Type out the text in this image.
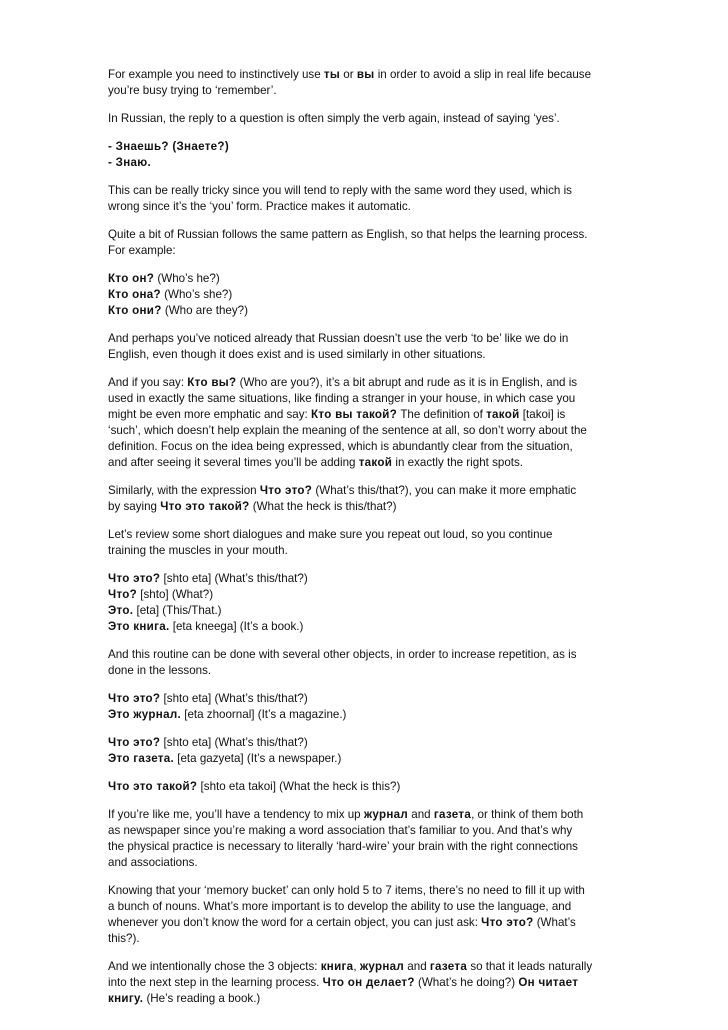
For example you need to instinctively use ты or вы in order to avoid a slip in real life because
you’re busy trying to ‘remember’.

In Russian, the reply to a question is often simply the verb again, instead of saying ‘yes’.

- Знаешь? (Знаете?)
- Знаю.

This can be really tricky since you will tend to reply with the same word they used, which is
wrong since it’s the ‘you’ form. Practice makes it automatic.

Quite a bit of Russian follows the same pattern as English, so that helps the learning process.
For example:

Кто он? (Who’s he?)
Кто она? (Who’s she?)
Кто они? (Who are they?)

And perhaps you’ve noticed already that Russian doesn’t use the verb ‘to be’ like we do in
English, even though it does exist and is used similarly in other situations.

And if you say: Кто вы? (Who are you?), it’s a bit abrupt and rude as it is in English, and is
used in exactly the same situations, like finding a stranger in your house, in which case you
might be even more emphatic and say: Кто вы такой? The definition of такой [takoi] is
‘such’, which doesn’t help explain the meaning of the sentence at all, so don’t worry about the
definition. Focus on the idea being expressed, which is abundantly clear from the situation,
and after seeing it several times you’ll be adding такой in exactly the right spots.

Similarly, with the expression Что это? (What’s this/that?), you can make it more emphatic
by saying Что это такой? (What the heck is this/that?)

Let’s review some short dialogues and make sure you repeat out loud, so you continue
training the muscles in your mouth.

Что это? [shto eta] (What’s this/that?)
Что? [shto] (What?)
Это. [eta] (This/That.)
Это книга. [eta kneega] (It’s a book.)

And this routine can be done with several other objects, in order to increase repetition, as is
done in the lessons.

Что это? [shto eta] (What’s this/that?)
Это журнал. [eta zhoornal] (It’s a magazine.)

Что это? [shto eta] (What’s this/that?)
Это газета. [eta gazyeta] (It’s a newspaper.)

Что это такой? [shto eta takoi] (What the heck is this?)

If you’re like me, you’ll have a tendency to mix up журнал and газета, or think of them both
as newspaper since you’re making a word association that’s familiar to you. And that’s why
the physical practice is necessary to literally ‘hard-wire’ your brain with the right connections
and associations.

Knowing that your ‘memory bucket’ can only hold 5 to 7 items, there’s no need to fill it up with
a bunch of nouns. What’s more important is to develop the ability to use the language, and
whenever you don’t know the word for a certain object, you can just ask: Что это? (What’s
this?).

And we intentionally chose the 3 objects: книга, журнал and газета so that it leads naturally
into the next step in the learning process. Что он делает? (What’s he doing?) Он читает
книгу. (He’s reading a book.)
